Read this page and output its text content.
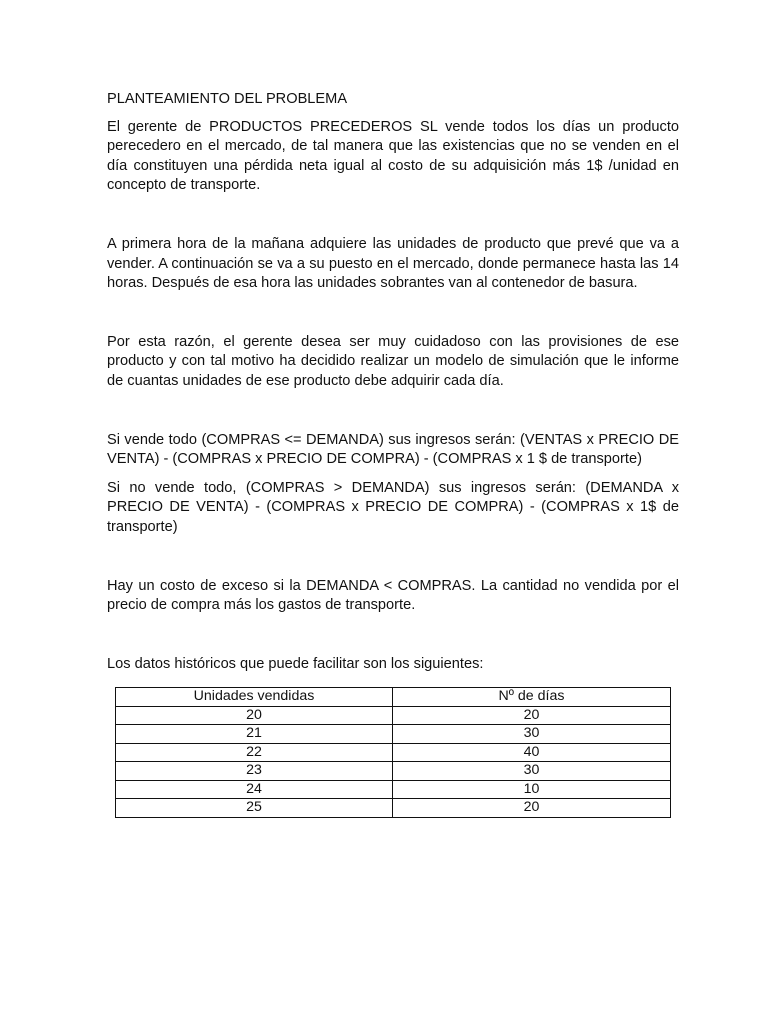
PLANTEAMIENTO DEL PROBLEMA

El gerente de PRODUCTOS PRECEDEROS SL vende todos los días un producto perecedero en el mercado, de tal manera que las existencias que no se venden en el día constituyen una pérdida neta igual al costo de su adquisición más 1$ /unidad en concepto de transporte.

A primera hora de la mañana adquiere las unidades de producto que prevé que va a vender. A continuación se va a su puesto en el mercado, donde permanece hasta las 14 horas. Después de esa hora las unidades sobrantes van al contenedor de basura.

Por esta razón, el gerente desea ser muy cuidadoso con las provisiones de ese producto y con tal motivo ha decidido realizar un modelo de simulación que le informe de cuantas unidades de ese producto debe adquirir cada día.

Si vende todo (COMPRAS <= DEMANDA) sus ingresos serán: (VENTAS x PRECIO DE VENTA) - (COMPRAS x PRECIO DE COMPRA) - (COMPRAS x 1 $ de transporte)

Si no vende todo, (COMPRAS > DEMANDA) sus ingresos serán: (DEMANDA x PRECIO DE VENTA) - (COMPRAS x PRECIO DE COMPRA) - (COMPRAS x 1$ de transporte)

Hay un costo de exceso si la DEMANDA < COMPRAS. La cantidad no vendida por el precio de compra más los gastos de transporte.

Los datos históricos que puede facilitar son los siguientes:

Unidades vendidas	Nº de días
20	20
21	30
22	40
23	30
24	10
25	20
